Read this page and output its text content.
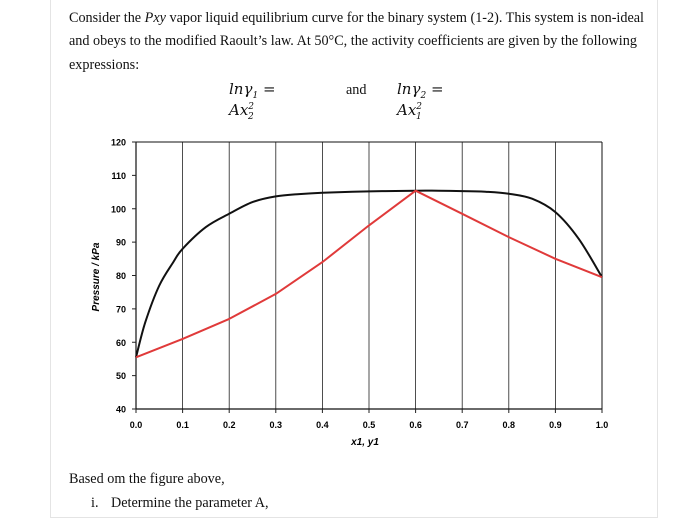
Consider the Pxy vapor liquid equilibrium curve for the binary system (1-2). This system is non-ideal
and obeys to the modified Raoult’s law. At 50°C, the activity coefficients are given by the following
expressions:
$\ln\gamma_1 = Ax^2_2$
and $\ln\gamma_2 = Ax^2_1$
0.0	0.1	0.2	0.3	0.4	0.5	0.6	0.7	0.8	0.9	1.0
120
110
100
90
80
70
60
50
40
x1, y1
Pressure / kPa
Based om the figure above,
i. Determine the parameter A,
